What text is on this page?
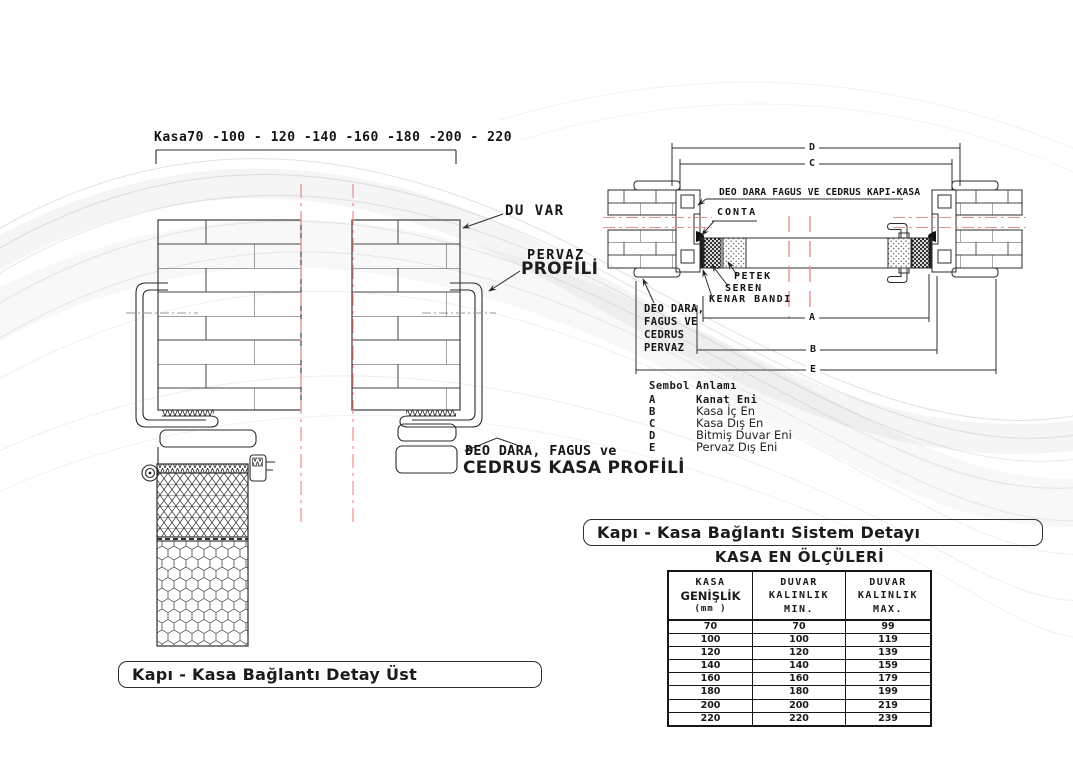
Kasa70 -100 - 120 -140 -160 -180 -200 - 220
DU VAR
PERVAZ
PROFİLİ
DEO DARA, FAGUS ve
CEDRUS KASA PROFİLİ
DEO DARA FAGUS VE CEDRUS KAPI-KASA
CONTA
PETEK
SEREN
KENAR BANDI
DEO DARA,
FAGUS VE
CEDRUS
PERVAZ
D
C
A
B
E
Sembol Anlamı
A	Kanat Eni
B	Kasa İç En
C	Kasa Dış En
D	Bitmiş Duvar Eni
E	Pervaz Dış Eni
Kapı - Kasa Bağlantı Sistem Detayı
Kapı - Kasa Bağlantı Detay Üst
KASA EN ÖLÇÜLERİ
KASA
GENİŞLİK
(mm )
DUVAR
KALINLIK
MIN.
DUVAR
KALINLIK
MAX.
70	70	99
100	100	119
120	120	139
140	140	159
160	160	179
180	180	199
200	200	219
220	220	239
